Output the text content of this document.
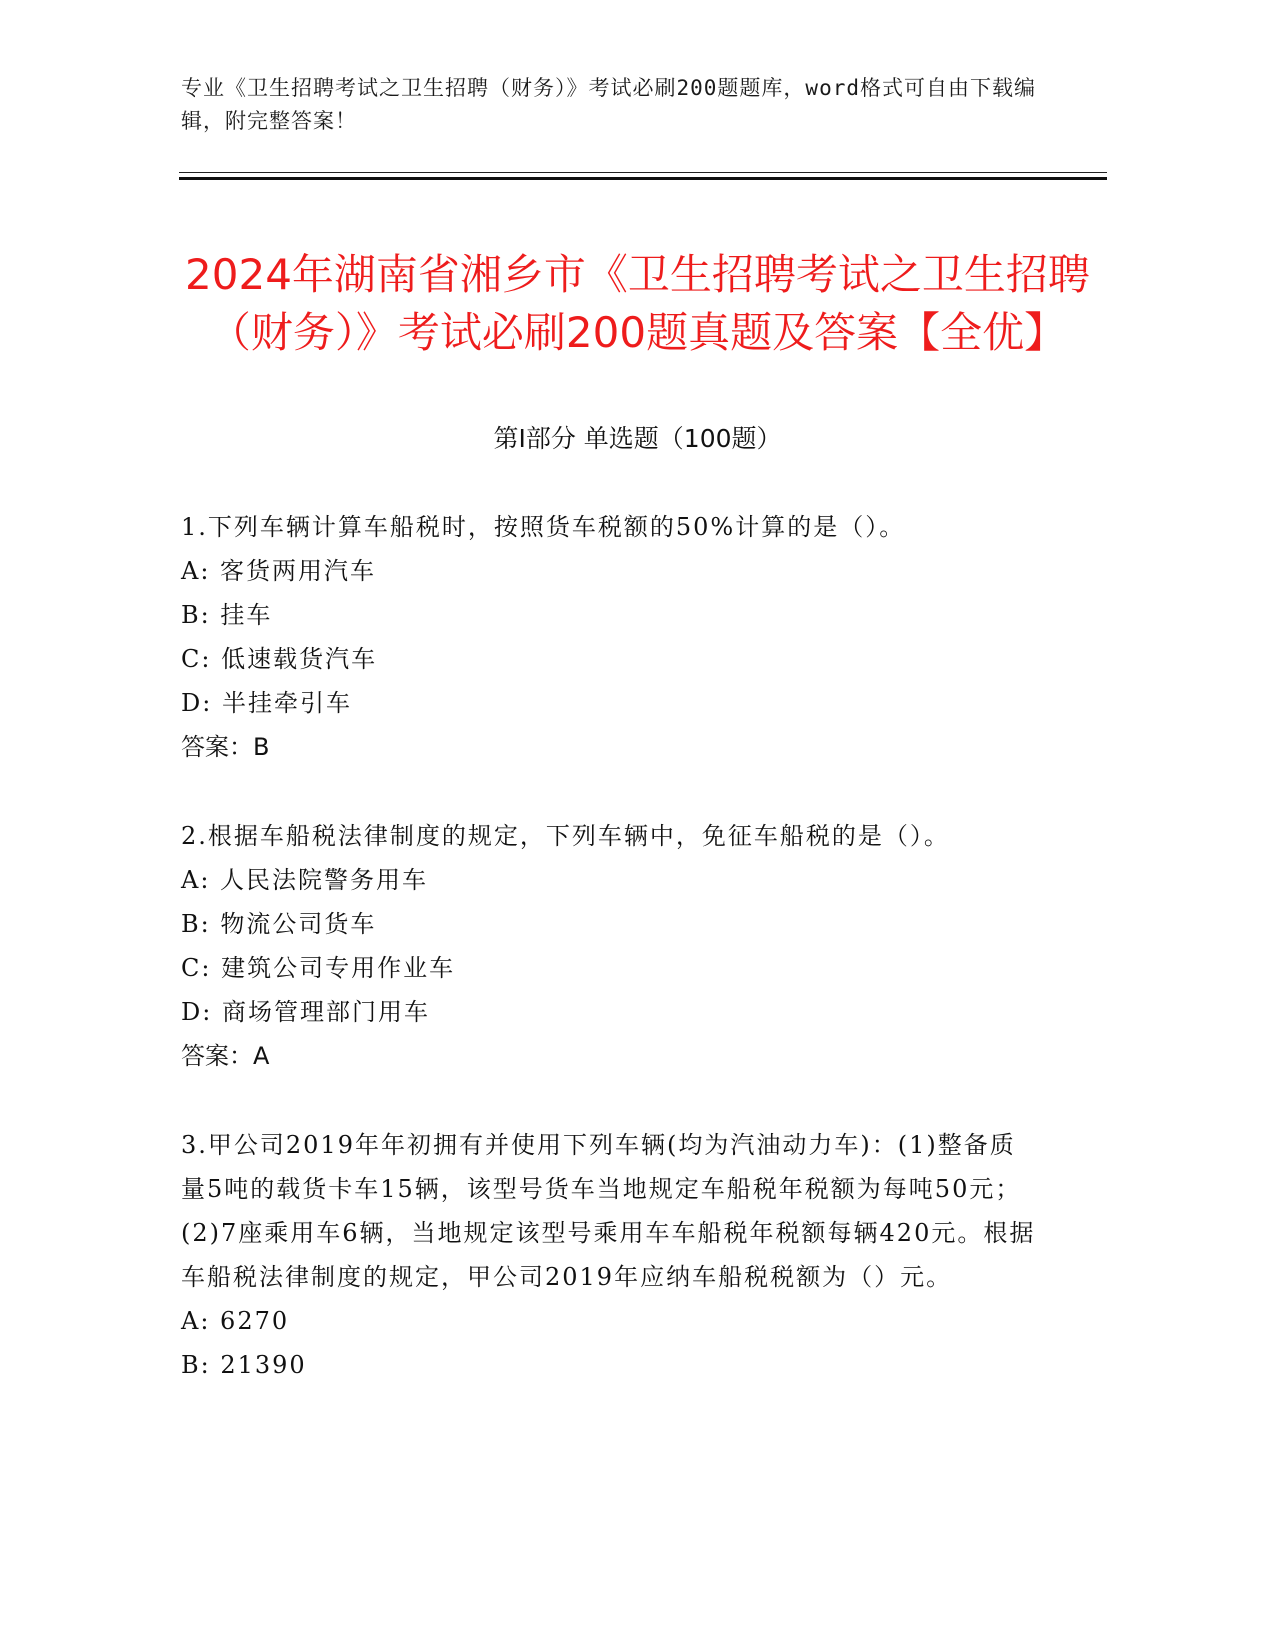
专业《卫生招聘考试之卫生招聘（财务）》考试必刷200题题库，word格式可自由下载编辑，附完整答案！
2024年湖南省湘乡市《卫生招聘考试之卫生招聘（财务）》考试必刷200题真题及答案【全优】
第Ⅰ部分 单选题（100题）

1.下列车辆计算车船税时，按照货车税额的50%计算的是（）。

A: 客货两用汽车

B: 挂车

C: 低速载货汽车

D: 半挂牵引车

答案：B

2.根据车船税法律制度的规定，下列车辆中，免征车船税的是（）。

A: 人民法院警务用车

B: 物流公司货车

C: 建筑公司专用作业车

D: 商场管理部门用车

答案：A

3.甲公司2019年年初拥有并使用下列车辆(均为汽油动力车)：(1)整备质量5吨的载货卡车15辆，该型号货车当地规定车船税年税额为每吨50元；(2)7座乘用车6辆，当地规定该型号乘用车车船税年税额每辆420元。根据车船税法律制度的规定，甲公司2019年应纳车船税税额为（）元。

A: 6270

B: 21390
